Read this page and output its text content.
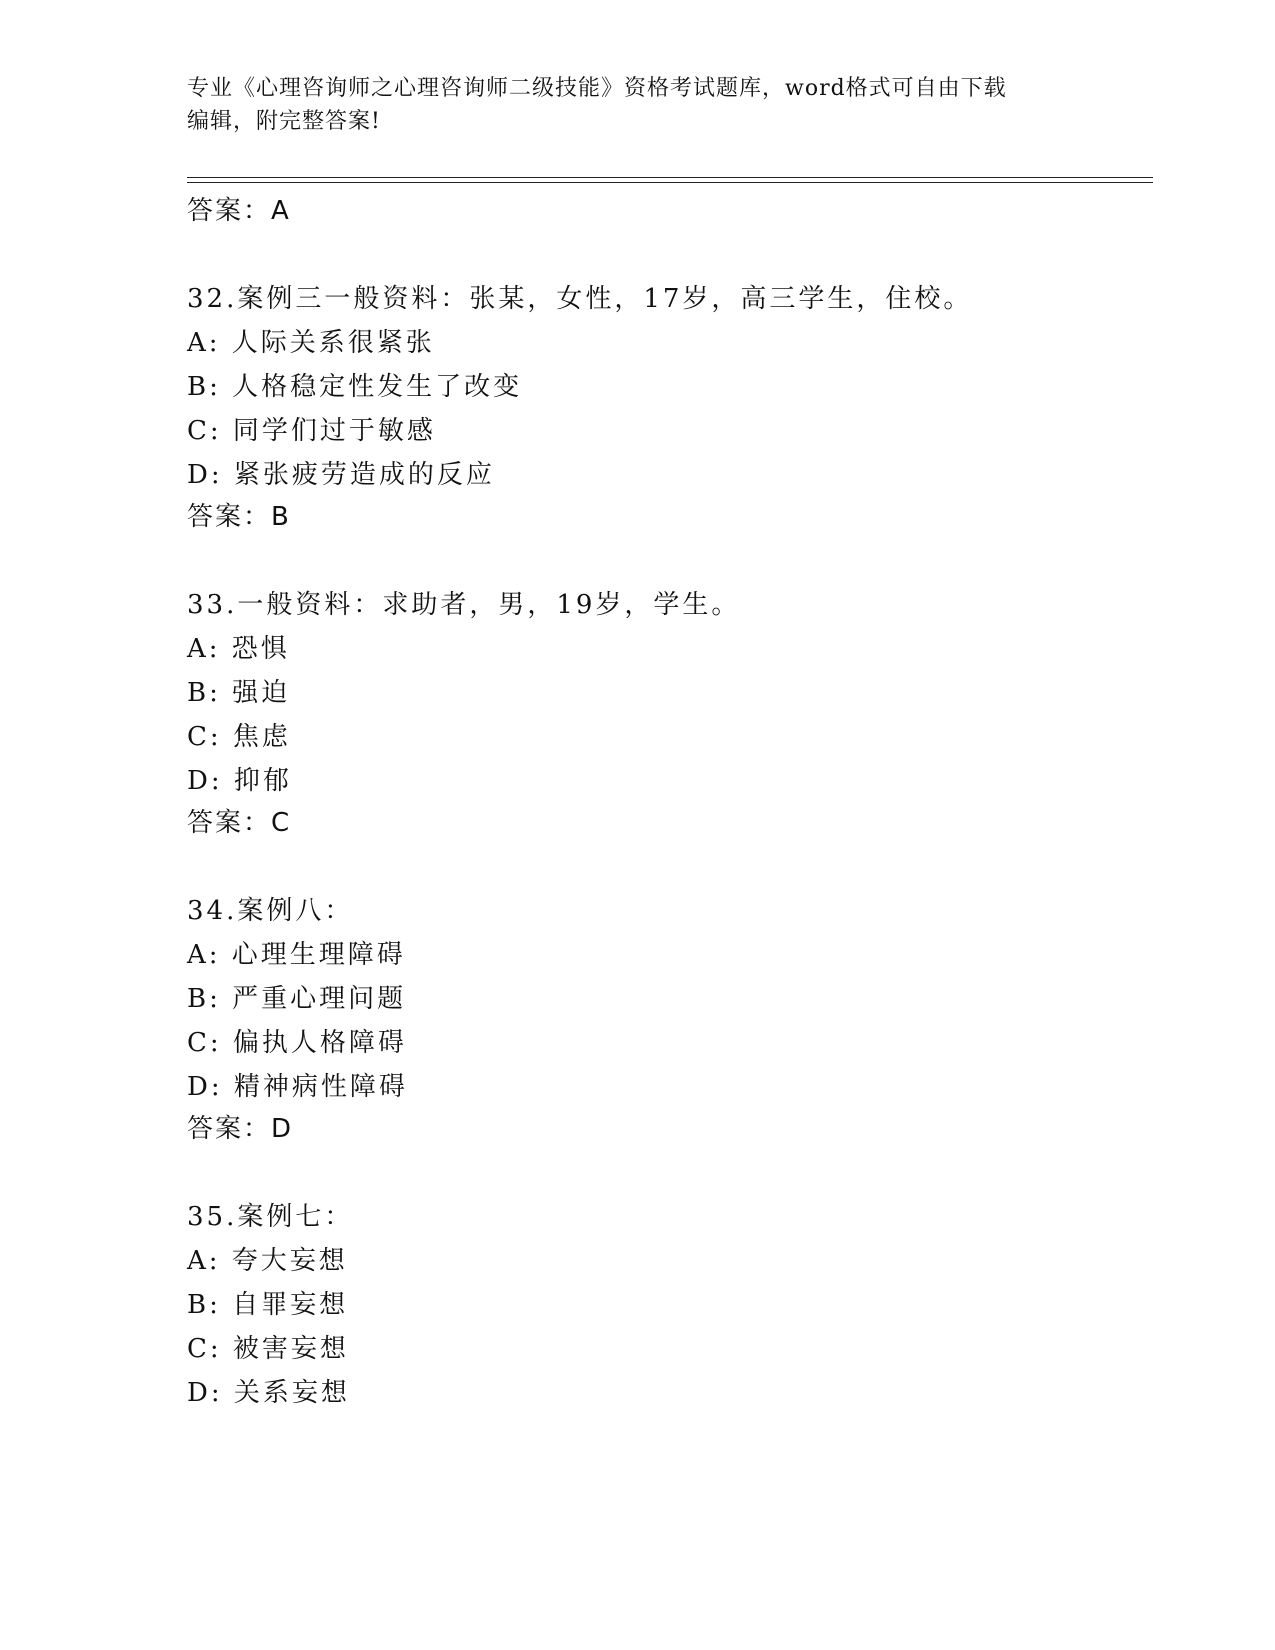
专业《心理咨询师之心理咨询师二级技能》资格考试题库，word格式可自由下载
编辑，附完整答案!
答案：A
32.案例三一般资料：张某，女性，17岁，高三学生，住校。
A: 人际关系很紧张
B: 人格稳定性发生了改变
C: 同学们过于敏感
D: 紧张疲劳造成的反应
答案：B
33.一般资料：求助者，男，19岁，学生。
A: 恐惧
B: 强迫
C: 焦虑
D: 抑郁
答案：C
34.案例八：
A: 心理生理障碍
B: 严重心理问题
C: 偏执人格障碍
D: 精神病性障碍
答案：D
35.案例七：
A: 夸大妄想
B: 自罪妄想
C: 被害妄想
D: 关系妄想
